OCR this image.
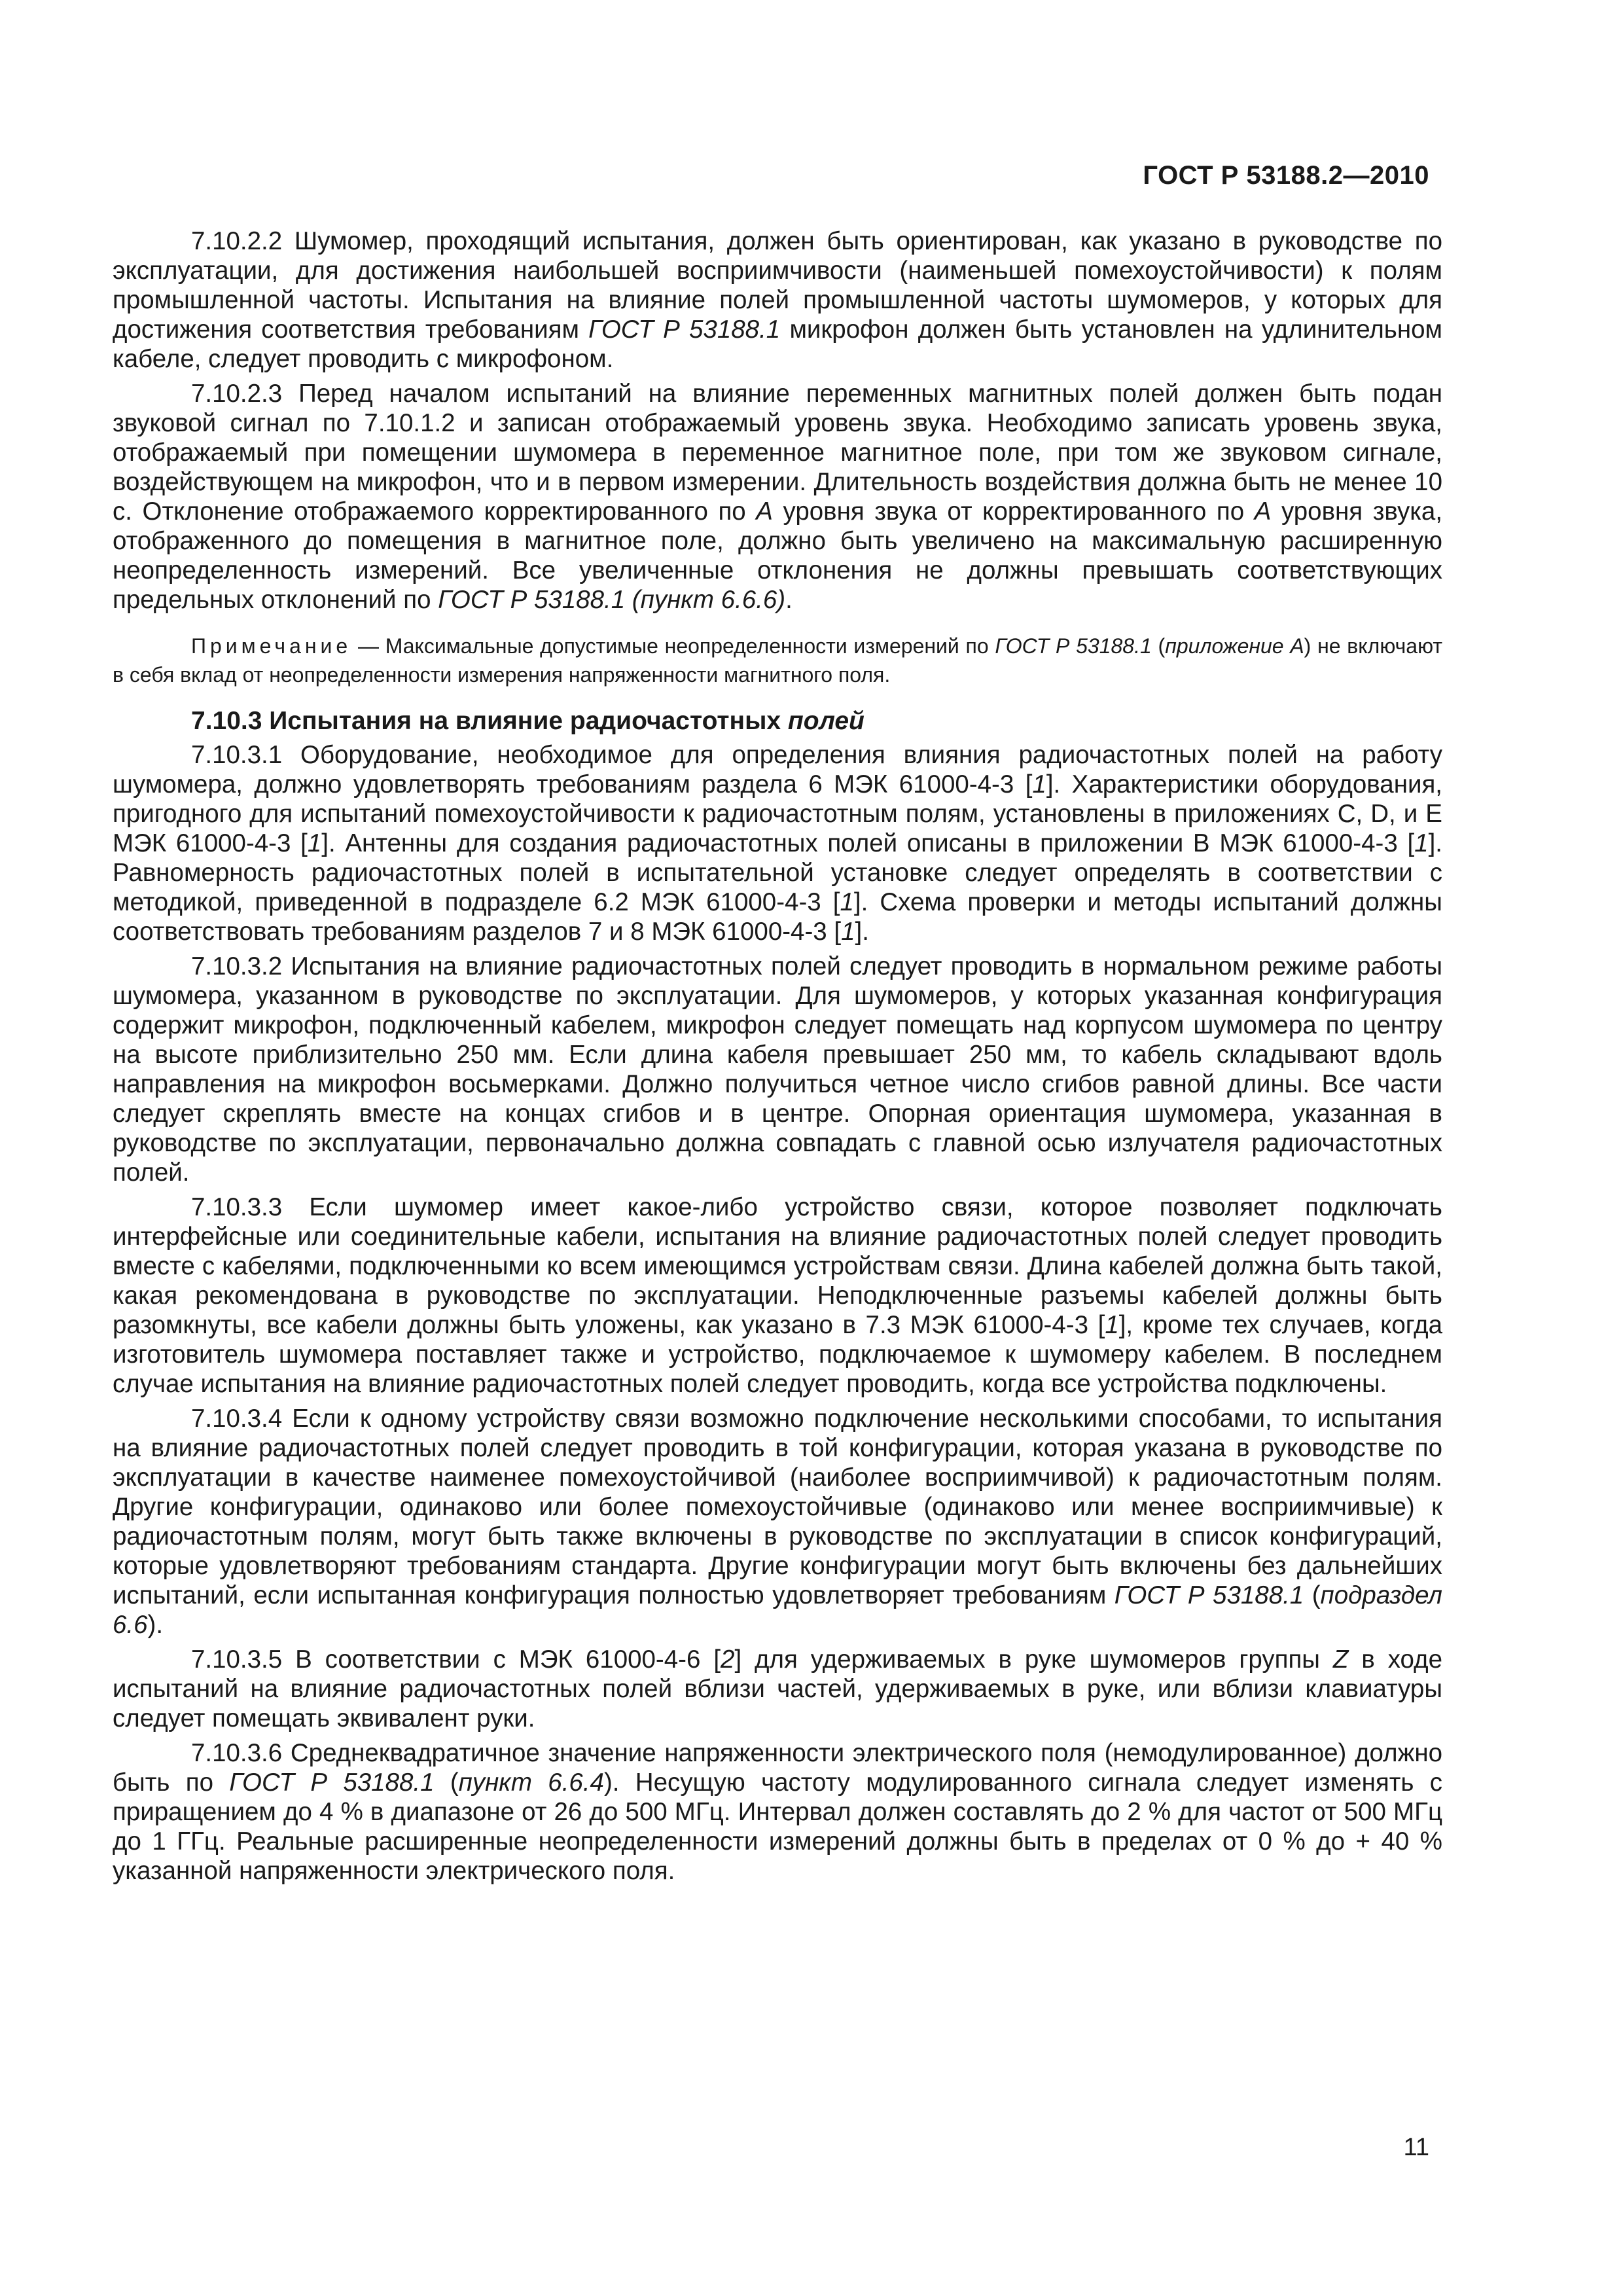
ГОСТ Р 53188.2—2010

7.10.2.2 Шумомер, проходящий испытания, должен быть ориентирован, как указано в руководстве по эксплуатации, для достижения наибольшей восприимчивости (наименьшей помехоустойчивости) к полям промышленной частоты. Испытания на влияние полей промышленной частоты шумомеров, у которых для достижения соответствия требованиям ГОСТ Р 53188.1 микрофон должен быть установлен на удлинительном кабеле, следует проводить с микрофоном.

7.10.2.3 Перед началом испытаний на влияние переменных магнитных полей должен быть подан звуковой сигнал по 7.10.1.2 и записан отображаемый уровень звука. Необходимо записать уровень звука, отображаемый при помещении шумомера в переменное магнитное поле, при том же звуковом сигнале, воздействующем на микрофон, что и в первом измерении. Длительность воздействия должна быть не менее 10 с. Отклонение отображаемого корректированного по А уровня звука от корректированного по А уровня звука, отображенного до помещения в магнитное поле, должно быть увеличено на максимальную расширенную неопределенность измерений. Все увеличенные отклонения не должны превышать соответствующих предельных отклонений по ГОСТ Р 53188.1 (пункт 6.6.6).

Примечание — Максимальные допустимые неопределенности измерений по ГОСТ Р 53188.1 (приложение А) не включают в себя вклад от неопределенности измерения напряженности магнитного поля.

7.10.3 Испытания на влияние радиочастотных полей

7.10.3.1 Оборудование, необходимое для определения влияния радиочастотных полей на работу шумомера, должно удовлетворять требованиям раздела 6 МЭК 61000-4-3 [1]. Характеристики оборудования, пригодного для испытаний помехоустойчивости к радиочастотным полям, установлены в приложениях С, D, и Е МЭК 61000-4-3 [1]. Антенны для создания радиочастотных полей описаны в приложении В МЭК 61000-4-3 [1]. Равномерность радиочастотных полей в испытательной установке следует определять в соответствии с методикой, приведенной в подразделе 6.2 МЭК 61000-4-3 [1]. Схема проверки и методы испытаний должны соответствовать требованиям разделов 7 и 8 МЭК 61000-4-3 [1].

7.10.3.2 Испытания на влияние радиочастотных полей следует проводить в нормальном режиме работы шумомера, указанном в руководстве по эксплуатации. Для шумомеров, у которых указанная конфигурация содержит микрофон, подключенный кабелем, микрофон следует помещать над корпусом шумомера по центру на высоте приблизительно 250 мм. Если длина кабеля превышает 250 мм, то кабель складывают вдоль направления на микрофон восьмерками. Должно получиться четное число сгибов равной длины. Все части следует скреплять вместе на концах сгибов и в центре. Опорная ориентация шумомера, указанная в руководстве по эксплуатации, первоначально должна совпадать с главной осью излучателя радиочастотных полей.

7.10.3.3 Если шумомер имеет какое-либо устройство связи, которое позволяет подключать интерфейсные или соединительные кабели, испытания на влияние радиочастотных полей следует проводить вместе с кабелями, подключенными ко всем имеющимся устройствам связи. Длина кабелей должна быть такой, какая рекомендована в руководстве по эксплуатации. Неподключенные разъемы кабелей должны быть разомкнуты, все кабели должны быть уложены, как указано в 7.3 МЭК 61000-4-3 [1], кроме тех случаев, когда изготовитель шумомера поставляет также и устройство, подключаемое к шумомеру кабелем. В последнем случае испытания на влияние радиочастотных полей следует проводить, когда все устройства подключены.

7.10.3.4 Если к одному устройству связи возможно подключение несколькими способами, то испытания на влияние радиочастотных полей следует проводить в той конфигурации, которая указана в руководстве по эксплуатации в качестве наименее помехоустойчивой (наиболее восприимчивой) к радиочастотным полям. Другие конфигурации, одинаково или более помехоустойчивые (одинаково или менее восприимчивые) к радиочастотным полям, могут быть также включены в руководстве по эксплуатации в список конфигураций, которые удовлетворяют требованиям стандарта. Другие конфигурации могут быть включены без дальнейших испытаний, если испытанная конфигурация полностью удовлетворяет требованиям ГОСТ Р 53188.1 (подраздел 6.6).

7.10.3.5 В соответствии с МЭК 61000-4-6 [2] для удерживаемых в руке шумомеров группы Z в ходе испытаний на влияние радиочастотных полей вблизи частей, удерживаемых в руке, или вблизи клавиатуры следует помещать эквивалент руки.

7.10.3.6 Среднеквадратичное значение напряженности электрического поля (немодулированное) должно быть по ГОСТ Р 53188.1 (пункт 6.6.4). Несущую частоту модулированного сигнала следует изменять с приращением до 4 % в диапазоне от 26 до 500 МГц. Интервал должен составлять до 2 % для частот от 500 МГц до 1 ГГц. Реальные расширенные неопределенности измерений должны быть в пределах от 0 % до + 40 % указанной напряженности электрического поля.

11
